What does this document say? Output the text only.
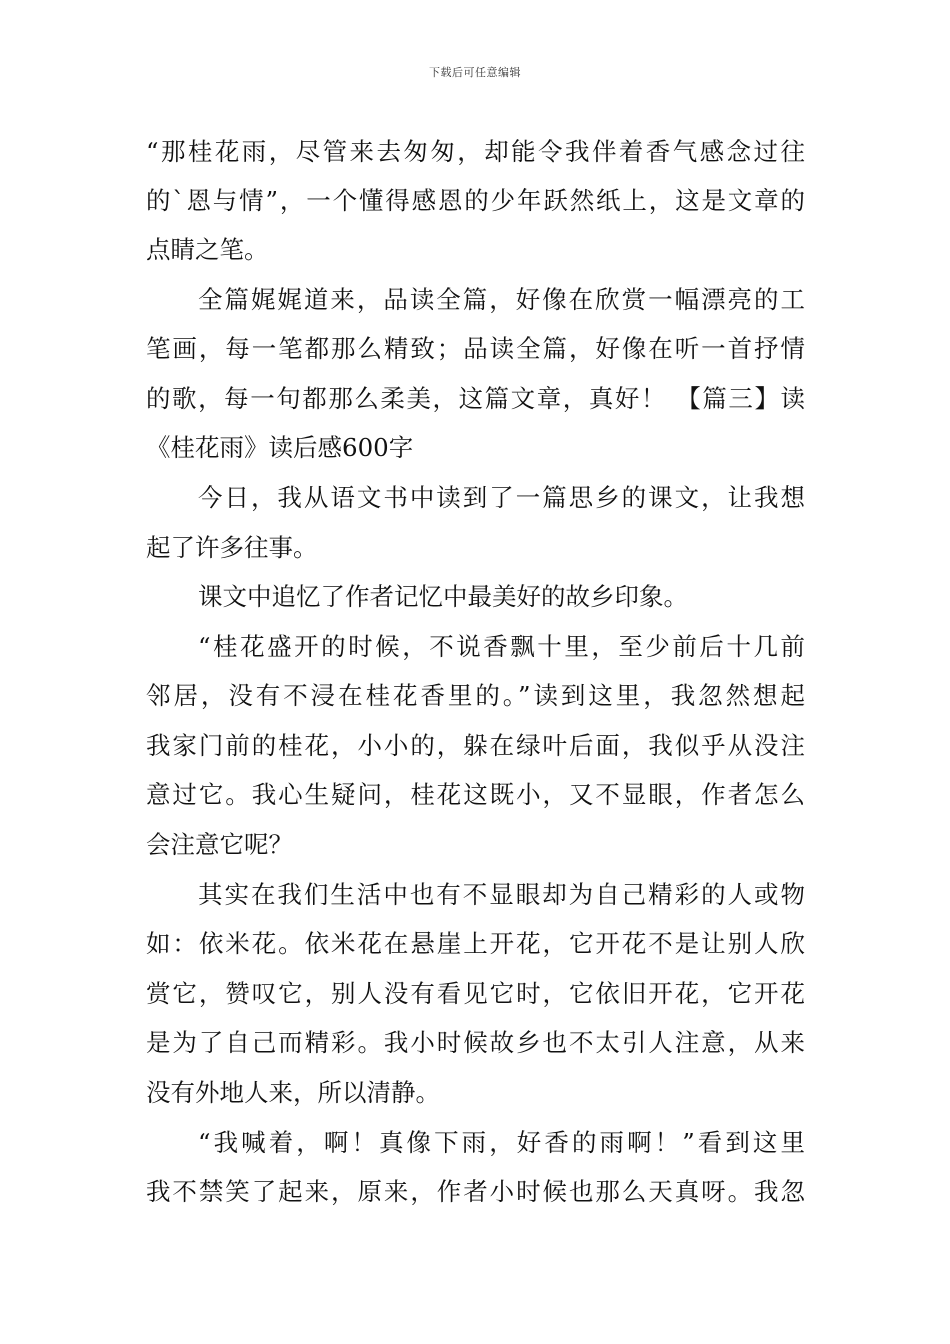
下载后可任意编辑
“那桂花雨，尽管来去匆匆，却能令我伴着香气感念过往
的`恩与情”，一个懂得感恩的少年跃然纸上，这是文章的
点睛之笔。
全篇娓娓道来，品读全篇，好像在欣赏一幅漂亮的工
笔画，每一笔都那么精致；品读全篇，好像在听一首抒情
的歌，每一句都那么柔美，这篇文章，真好！ 【篇三】读
《桂花雨》读后感600字
今日，我从语文书中读到了一篇思乡的课文，让我想
起了许多往事。
课文中追忆了作者记忆中最美好的故乡印象。
“桂花盛开的时候，不说香飘十里，至少前后十几前
邻居，没有不浸在桂花香里的。”读到这里，我忽然想起
我家门前的桂花，小小的，躲在绿叶后面，我似乎从没注
意过它。我心生疑问，桂花这既小，又不显眼，作者怎么
会注意它呢？
其实在我们生活中也有不显眼却为自己精彩的人或物
如：依米花。依米花在悬崖上开花，它开花不是让别人欣
赏它，赞叹它，别人没有看见它时，它依旧开花，它开花
是为了自己而精彩。我小时候故乡也不太引人注意，从来
没有外地人来，所以清静。
“我喊着，啊！真像下雨，好香的雨啊！”看到这里
我不禁笑了起来，原来，作者小时候也那么天真呀。我忽
